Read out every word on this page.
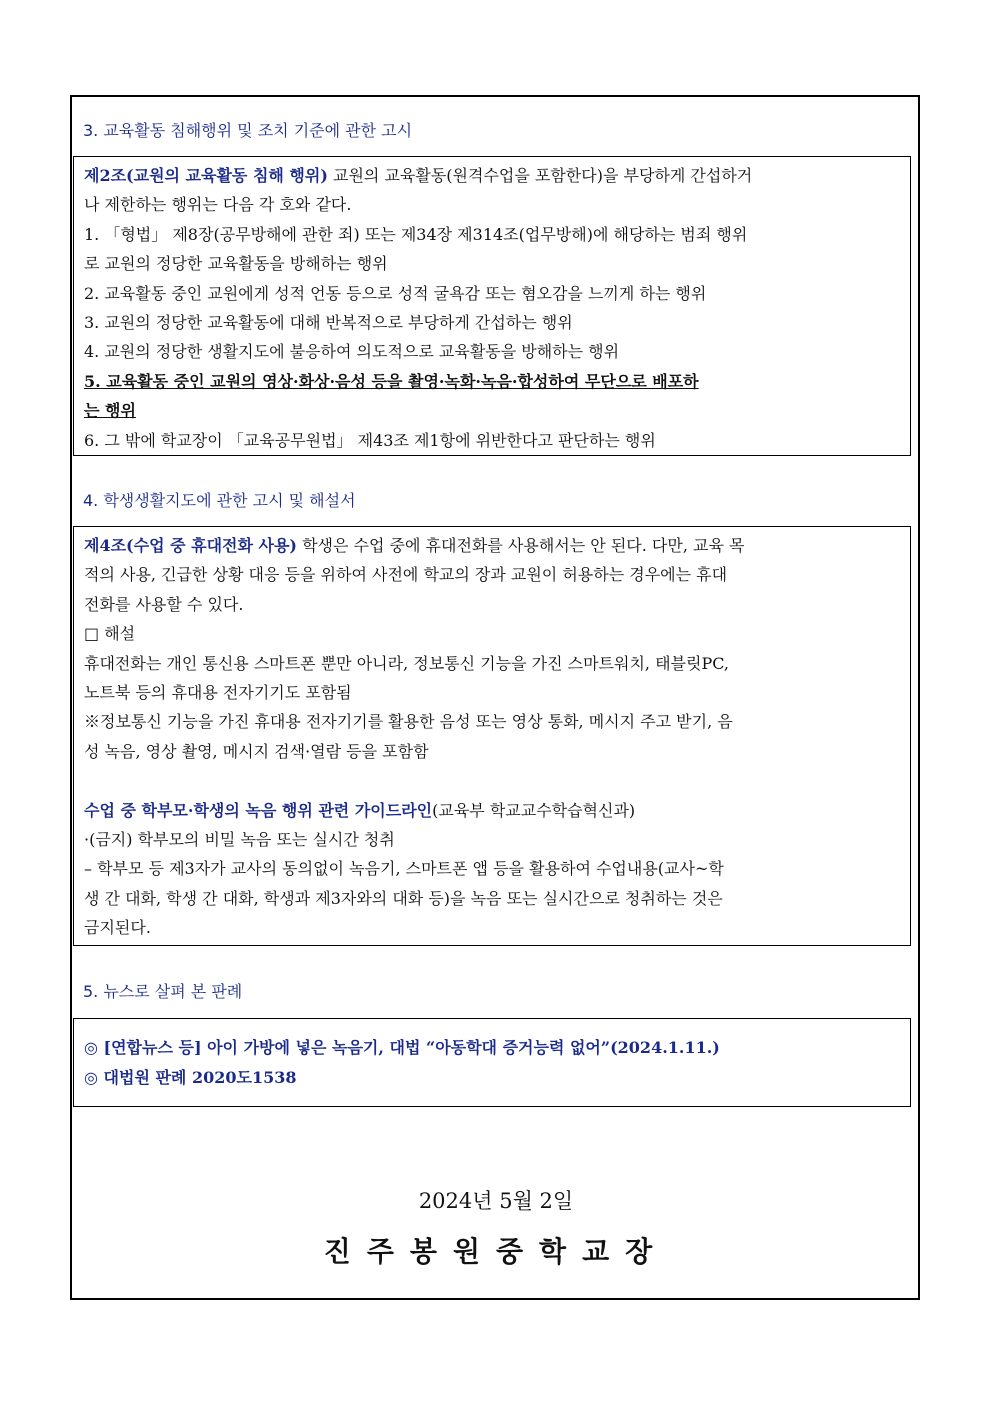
3. 교육활동 침해행위 및 조치 기준에 관한 고시
제2조(교원의 교육활동 침해 행위) 교원의 교육활동(원격수업을 포함한다)을 부당하게 간섭하거
나 제한하는 행위는 다음 각 호와 같다.
1. 「형법」 제8장(공무방해에 관한 죄) 또는 제34장 제314조(업무방해)에 해당하는 범죄 행위
로 교원의 정당한 교육활동을 방해하는 행위
2. 교육활동 중인 교원에게 성적 언동 등으로 성적 굴욕감 또는 혐오감을 느끼게 하는 행위
3. 교원의 정당한 교육활동에 대해 반복적으로 부당하게 간섭하는 행위
4. 교원의 정당한 생활지도에 불응하여 의도적으로 교육활동을 방해하는 행위
5. 교육활동 중인 교원의 영상·화상·음성 등을 촬영·녹화·녹음·합성하여 무단으로 배포하
는 행위
6. 그 밖에 학교장이 「교육공무원법」 제43조 제1항에 위반한다고 판단하는 행위
4. 학생생활지도에 관한 고시 및 해설서
제4조(수업 중 휴대전화 사용) 학생은 수업 중에 휴대전화를 사용해서는 안 된다. 다만, 교육 목
적의 사용, 긴급한 상황 대응 등을 위하여 사전에 학교의 장과 교원이 허용하는 경우에는 휴대
전화를 사용할 수 있다.
□ 해설
휴대전화는 개인 통신용 스마트폰 뿐만 아니라, 정보통신 기능을 가진 스마트워치, 태블릿PC,
노트북 등의 휴대용 전자기기도 포함됨
※정보통신 기능을 가진 휴대용 전자기기를 활용한 음성 또는 영상 통화, 메시지 주고 받기, 음
성 녹음, 영상 촬영, 메시지 검색·열람 등을 포함함

수업 중 학부모·학생의 녹음 행위 관련 가이드라인(교육부 학교교수학습혁신과)
·(금지) 학부모의 비밀 녹음 또는 실시간 청취
– 학부모 등 제3자가 교사의 동의없이 녹음기, 스마트폰 앱 등을 활용하여 수업내용(교사~학
생 간 대화, 학생 간 대화, 학생과 제3자와의 대화 등)을 녹음 또는 실시간으로 청취하는 것은
금지된다.
5. 뉴스로 살펴 본 판례
◎ [연합뉴스 등] 아이 가방에 넣은 녹음기, 대법 “아동학대 증거능력 없어”(2024.1.11.)
◎ 대법원 판례 2020도1538
2024년 5월 2일
진주봉원중학교장
